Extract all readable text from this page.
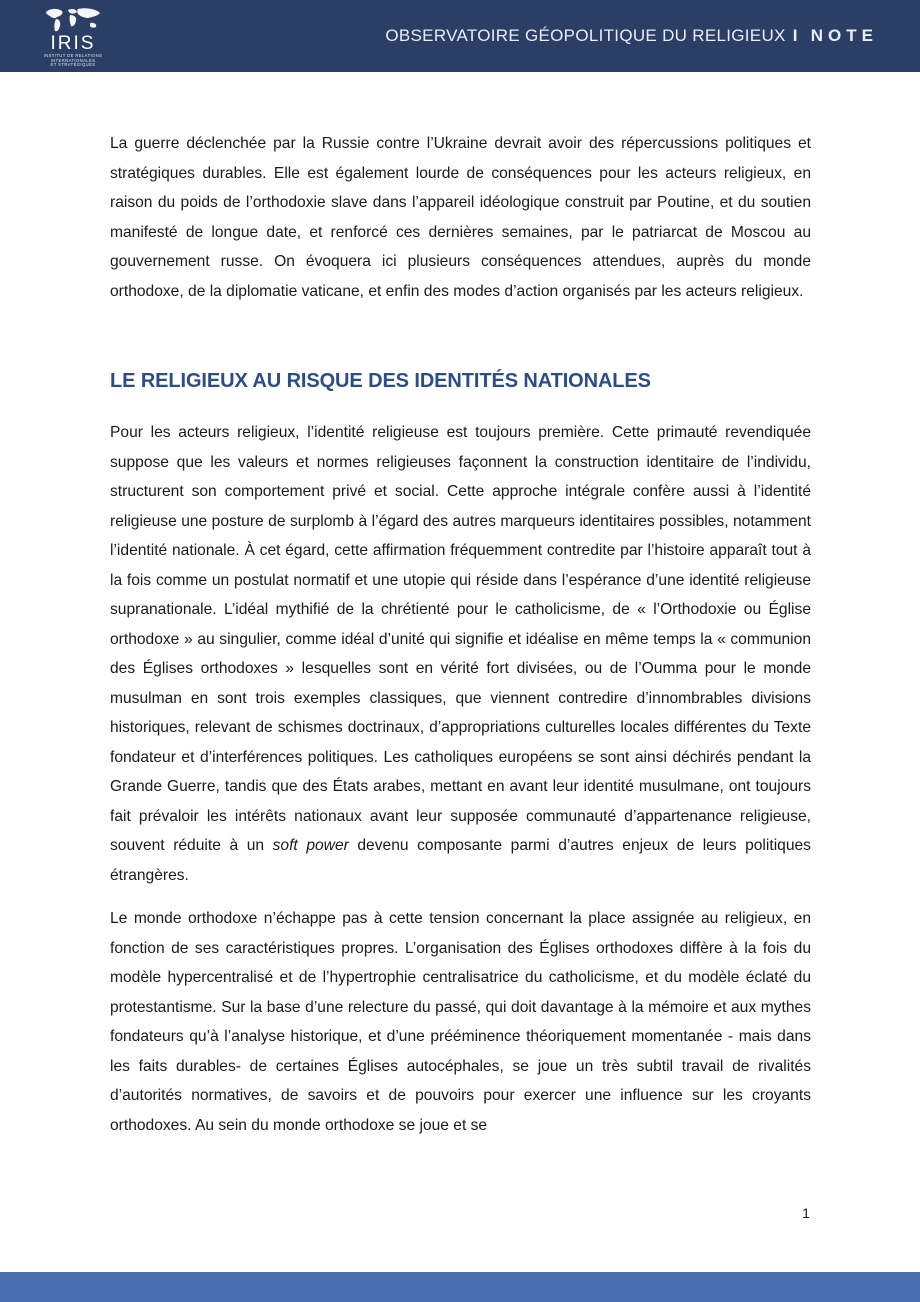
IRIS
INSTITUT DE RELATIONS
INTERNATIONALES
ET STRATÉGIQUES
OBSERVATOIRE GÉOPOLITIQUE DU RELIGIEUX I NOTE

La guerre déclenchée par la Russie contre l’Ukraine devrait avoir des répercussions politiques et stratégiques durables. Elle est également lourde de conséquences pour les acteurs religieux, en raison du poids de l’orthodoxie slave dans l’appareil idéologique construit par Poutine, et du soutien manifesté de longue date, et renforcé ces dernières semaines, par le patriarcat de Moscou au gouvernement russe. On évoquera ici plusieurs conséquences attendues, auprès du monde orthodoxe, de la diplomatie vaticane, et enfin des modes d’action organisés par les acteurs religieux.

LE RELIGIEUX AU RISQUE DES IDENTITÉS NATIONALES

Pour les acteurs religieux, l’identité religieuse est toujours première. Cette primauté revendiquée suppose que les valeurs et normes religieuses façonnent la construction identitaire de l’individu, structurent son comportement privé et social. Cette approche intégrale confère aussi à l’identité religieuse une posture de surplomb à l’égard des autres marqueurs identitaires possibles, notamment l’identité nationale. À cet égard, cette affirmation fréquemment contredite par l’histoire apparaît tout à la fois comme un postulat normatif et une utopie qui réside dans l’espérance d’une identité religieuse supranationale. L’idéal mythifié de la chrétienté pour le catholicisme, de « l’Orthodoxie ou Église orthodoxe » au singulier, comme idéal d’unité qui signifie et idéalise en même temps la « communion des Églises orthodoxes » lesquelles sont en vérité fort divisées, ou de l’Oumma pour le monde musulman en sont trois exemples classiques, que viennent contredire d’innombrables divisions historiques, relevant de schismes doctrinaux, d’appropriations culturelles locales différentes du Texte fondateur et d’interférences politiques. Les catholiques européens se sont ainsi déchirés pendant la Grande Guerre, tandis que des États arabes, mettant en avant leur identité musulmane, ont toujours fait prévaloir les intérêts nationaux avant leur supposée communauté d’appartenance religieuse, souvent réduite à un soft power devenu composante parmi d’autres enjeux de leurs politiques étrangères.

Le monde orthodoxe n’échappe pas à cette tension concernant la place assignée au religieux, en fonction de ses caractéristiques propres. L’organisation des Églises orthodoxes diffère à la fois du modèle hypercentralisé et de l’hypertrophie centralisatrice du catholicisme, et du modèle éclaté du protestantisme. Sur la base d’une relecture du passé, qui doit davantage à la mémoire et aux mythes fondateurs qu’à l’analyse historique, et d’une prééminence théoriquement momentanée - mais dans les faits durables- de certaines Églises autocéphales, se joue un très subtil travail de rivalités d’autorités normatives, de savoirs et de pouvoirs pour exercer une influence sur les croyants orthodoxes. Au sein du monde orthodoxe se joue et se

1
